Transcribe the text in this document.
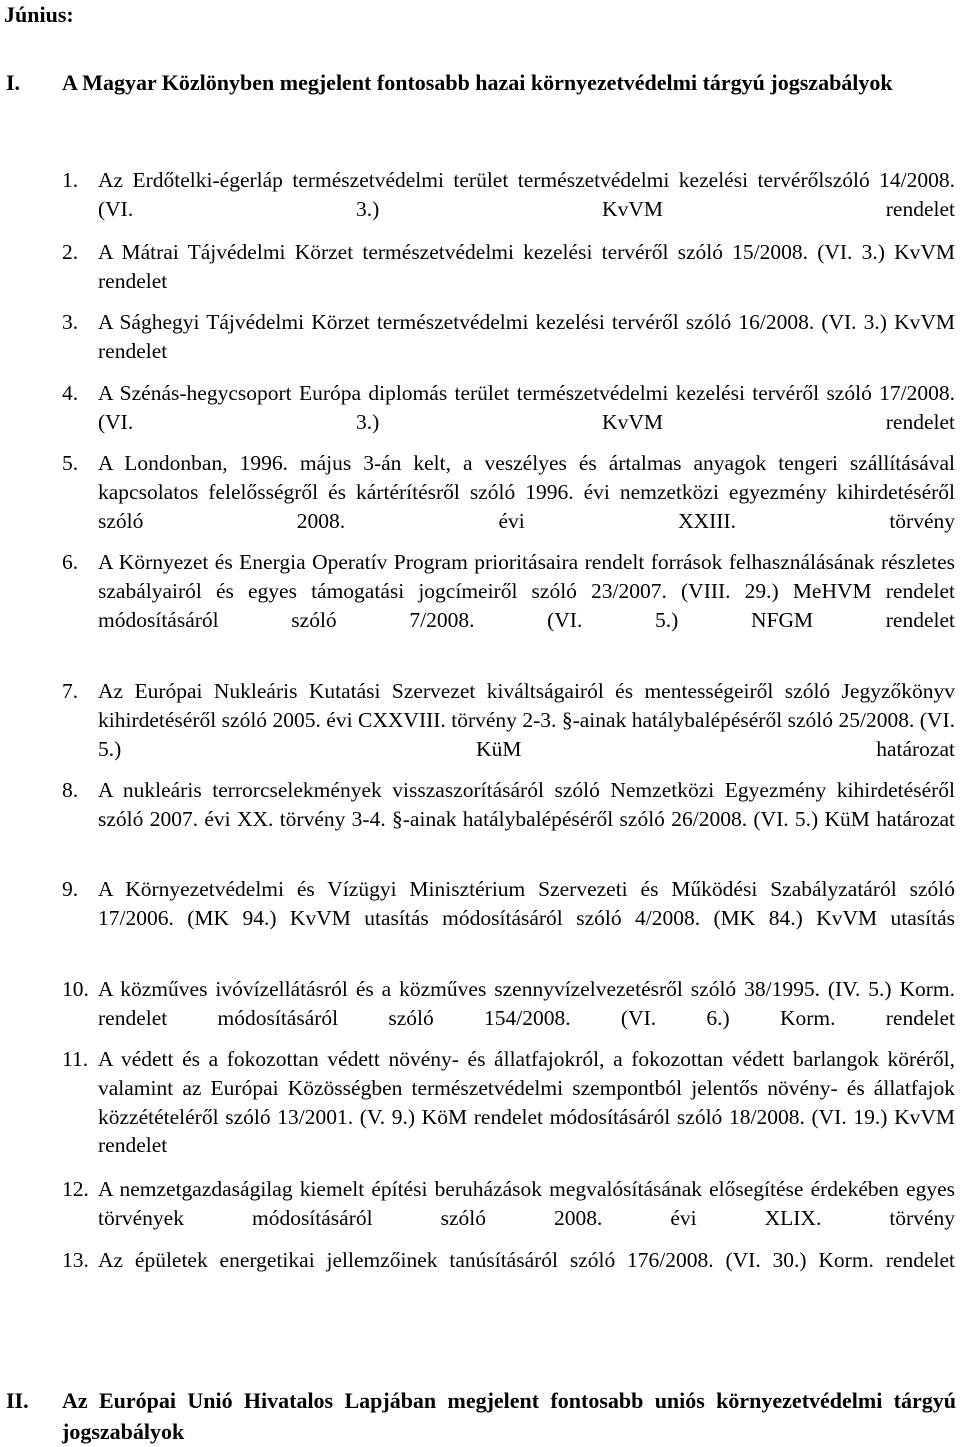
Június:
I. A Magyar Közlönyben megjelent fontosabb hazai környezetvédelmi tárgyú jogszabályok
1. Az Erdőtelki-égerláp természetvédelmi terület természetvédelmi kezelési tervérőlszóló 14/2008. (VI. 3.) KvVM rendelet
2. A Mátrai Tájvédelmi Körzet természetvédelmi kezelési tervéről szóló 15/2008. (VI. 3.) KvVM rendelet
3. A Sághegyi Tájvédelmi Körzet természetvédelmi kezelési tervéről szóló 16/2008. (VI. 3.) KvVM rendelet
4. A Szénás-hegycsoport Európa diplomás terület természetvédelmi kezelési tervéről szóló 17/2008. (VI. 3.) KvVM rendelet
5. A Londonban, 1996. május 3-án kelt, a veszélyes és ártalmas anyagok tengeri szállításával kapcsolatos felelősségről és kártérítésről szóló 1996. évi nemzetközi egyezmény kihirdetéséről szóló 2008. évi XXIII. törvény
6. A Környezet és Energia Operatív Program prioritásaira rendelt források felhasználásának részletes szabályairól és egyes támogatási jogcímeiről szóló 23/2007. (VIII. 29.) MeHVM rendelet módosításáról szóló 7/2008. (VI. 5.) NFGM rendelet
7. Az Európai Nukleáris Kutatási Szervezet kiváltságairól és mentességeiről szóló Jegyzőkönyv kihirdetéséről szóló 2005. évi CXXVIII. törvény 2-3. §-ainak hatálybalépéséről szóló 25/2008. (VI. 5.) KüM határozat
8. A nukleáris terrorcselekmények visszaszorításáról szóló Nemzetközi Egyezmény kihirdetéséről szóló 2007. évi XX. törvény 3-4. §-ainak hatálybalépéséről szóló 26/2008. (VI. 5.) KüM határozat
9. A Környezetvédelmi és Vízügyi Minisztérium Szervezeti és Működési Szabályzatáról szóló 17/2006. (MK 94.) KvVM utasítás módosításáról szóló 4/2008. (MK 84.) KvVM utasítás
10. A közműves ivóvízellátásról és a közműves szennyvízelvezetésről szóló 38/1995. (IV. 5.) Korm. rendelet módosításáról szóló 154/2008. (VI. 6.) Korm. rendelet
11. A védett és a fokozottan védett növény- és állatfajokról, a fokozottan védett barlangok köréről, valamint az Európai Közösségben természetvédelmi szempontból jelentős növény- és állatfajok közzétételéről szóló 13/2001. (V. 9.) KöM rendelet módosításáról szóló 18/2008. (VI. 19.) KvVM rendelet
12. A nemzetgazdaságilag kiemelt építési beruházások megvalósításának elősegítése érdekében egyes törvények módosításáról szóló 2008. évi XLIX. törvény
13. Az épületek energetikai jellemzőinek tanúsításáról szóló 176/2008. (VI. 30.) Korm. rendelet
II. Az Európai Unió Hivatalos Lapjában megjelent fontosabb uniós környezetvédelmi tárgyú jogszabályok
